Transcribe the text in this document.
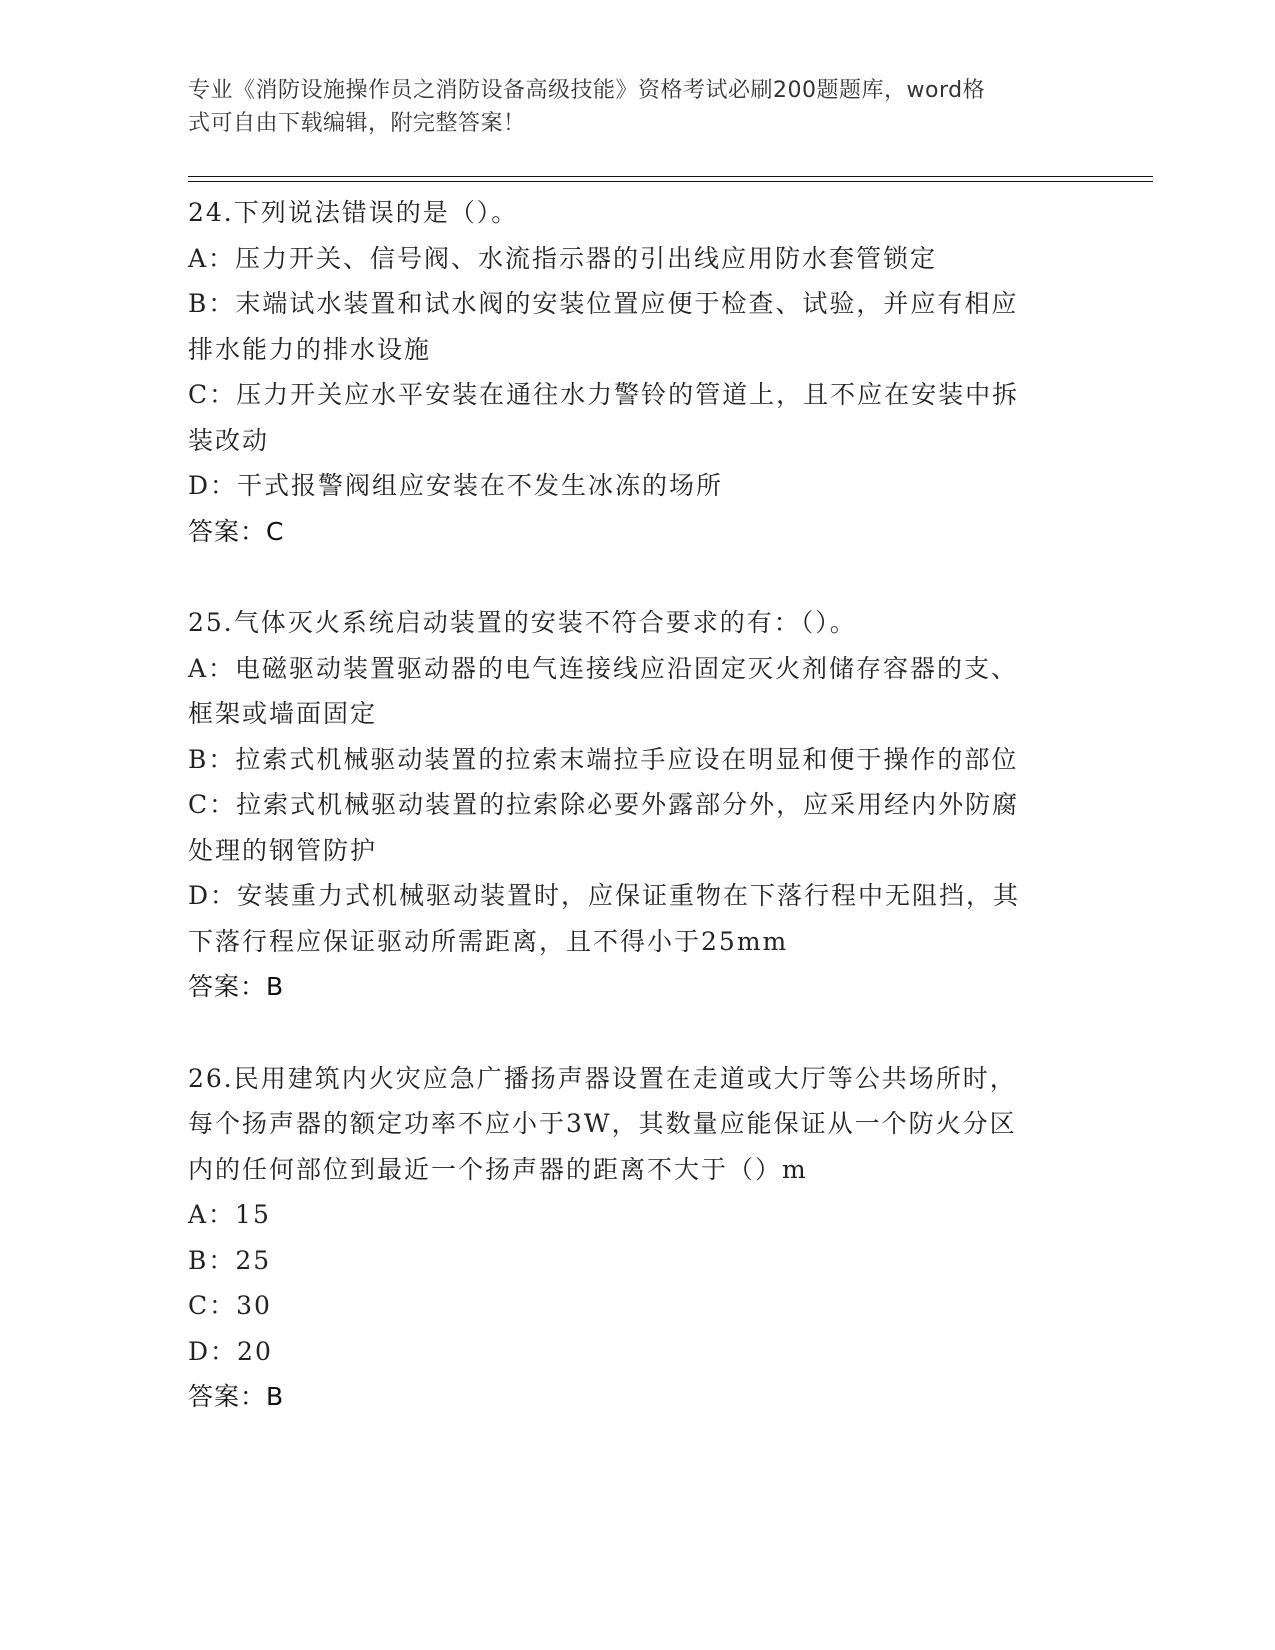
专业《消防设施操作员之消防设备高级技能》资格考试必刷200题题库，word格
式可自由下载编辑，附完整答案！
24.下列说法错误的是（）。
A：压力开关、信号阀、水流指示器的引出线应用防水套管锁定
B：末端试水装置和试水阀的安装位置应便于检查、试验，并应有相应
排水能力的排水设施
C：压力开关应水平安装在通往水力警铃的管道上，且不应在安装中拆
装改动
D：干式报警阀组应安装在不发生冰冻的场所
答案：C
25.气体灭火系统启动装置的安装不符合要求的有：（）。
A：电磁驱动装置驱动器的电气连接线应沿固定灭火剂储存容器的支、
框架或墙面固定
B：拉索式机械驱动装置的拉索末端拉手应设在明显和便于操作的部位
C：拉索式机械驱动装置的拉索除必要外露部分外，应采用经内外防腐
处理的钢管防护
D：安装重力式机械驱动装置时，应保证重物在下落行程中无阻挡，其
下落行程应保证驱动所需距离，且不得小于25mm
答案：B
26.民用建筑内火灾应急广播扬声器设置在走道或大厅等公共场所时，
每个扬声器的额定功率不应小于3W，其数量应能保证从一个防火分区
内的任何部位到最近一个扬声器的距离不大于（）m
A：15
B：25
C：30
D：20
答案：B
